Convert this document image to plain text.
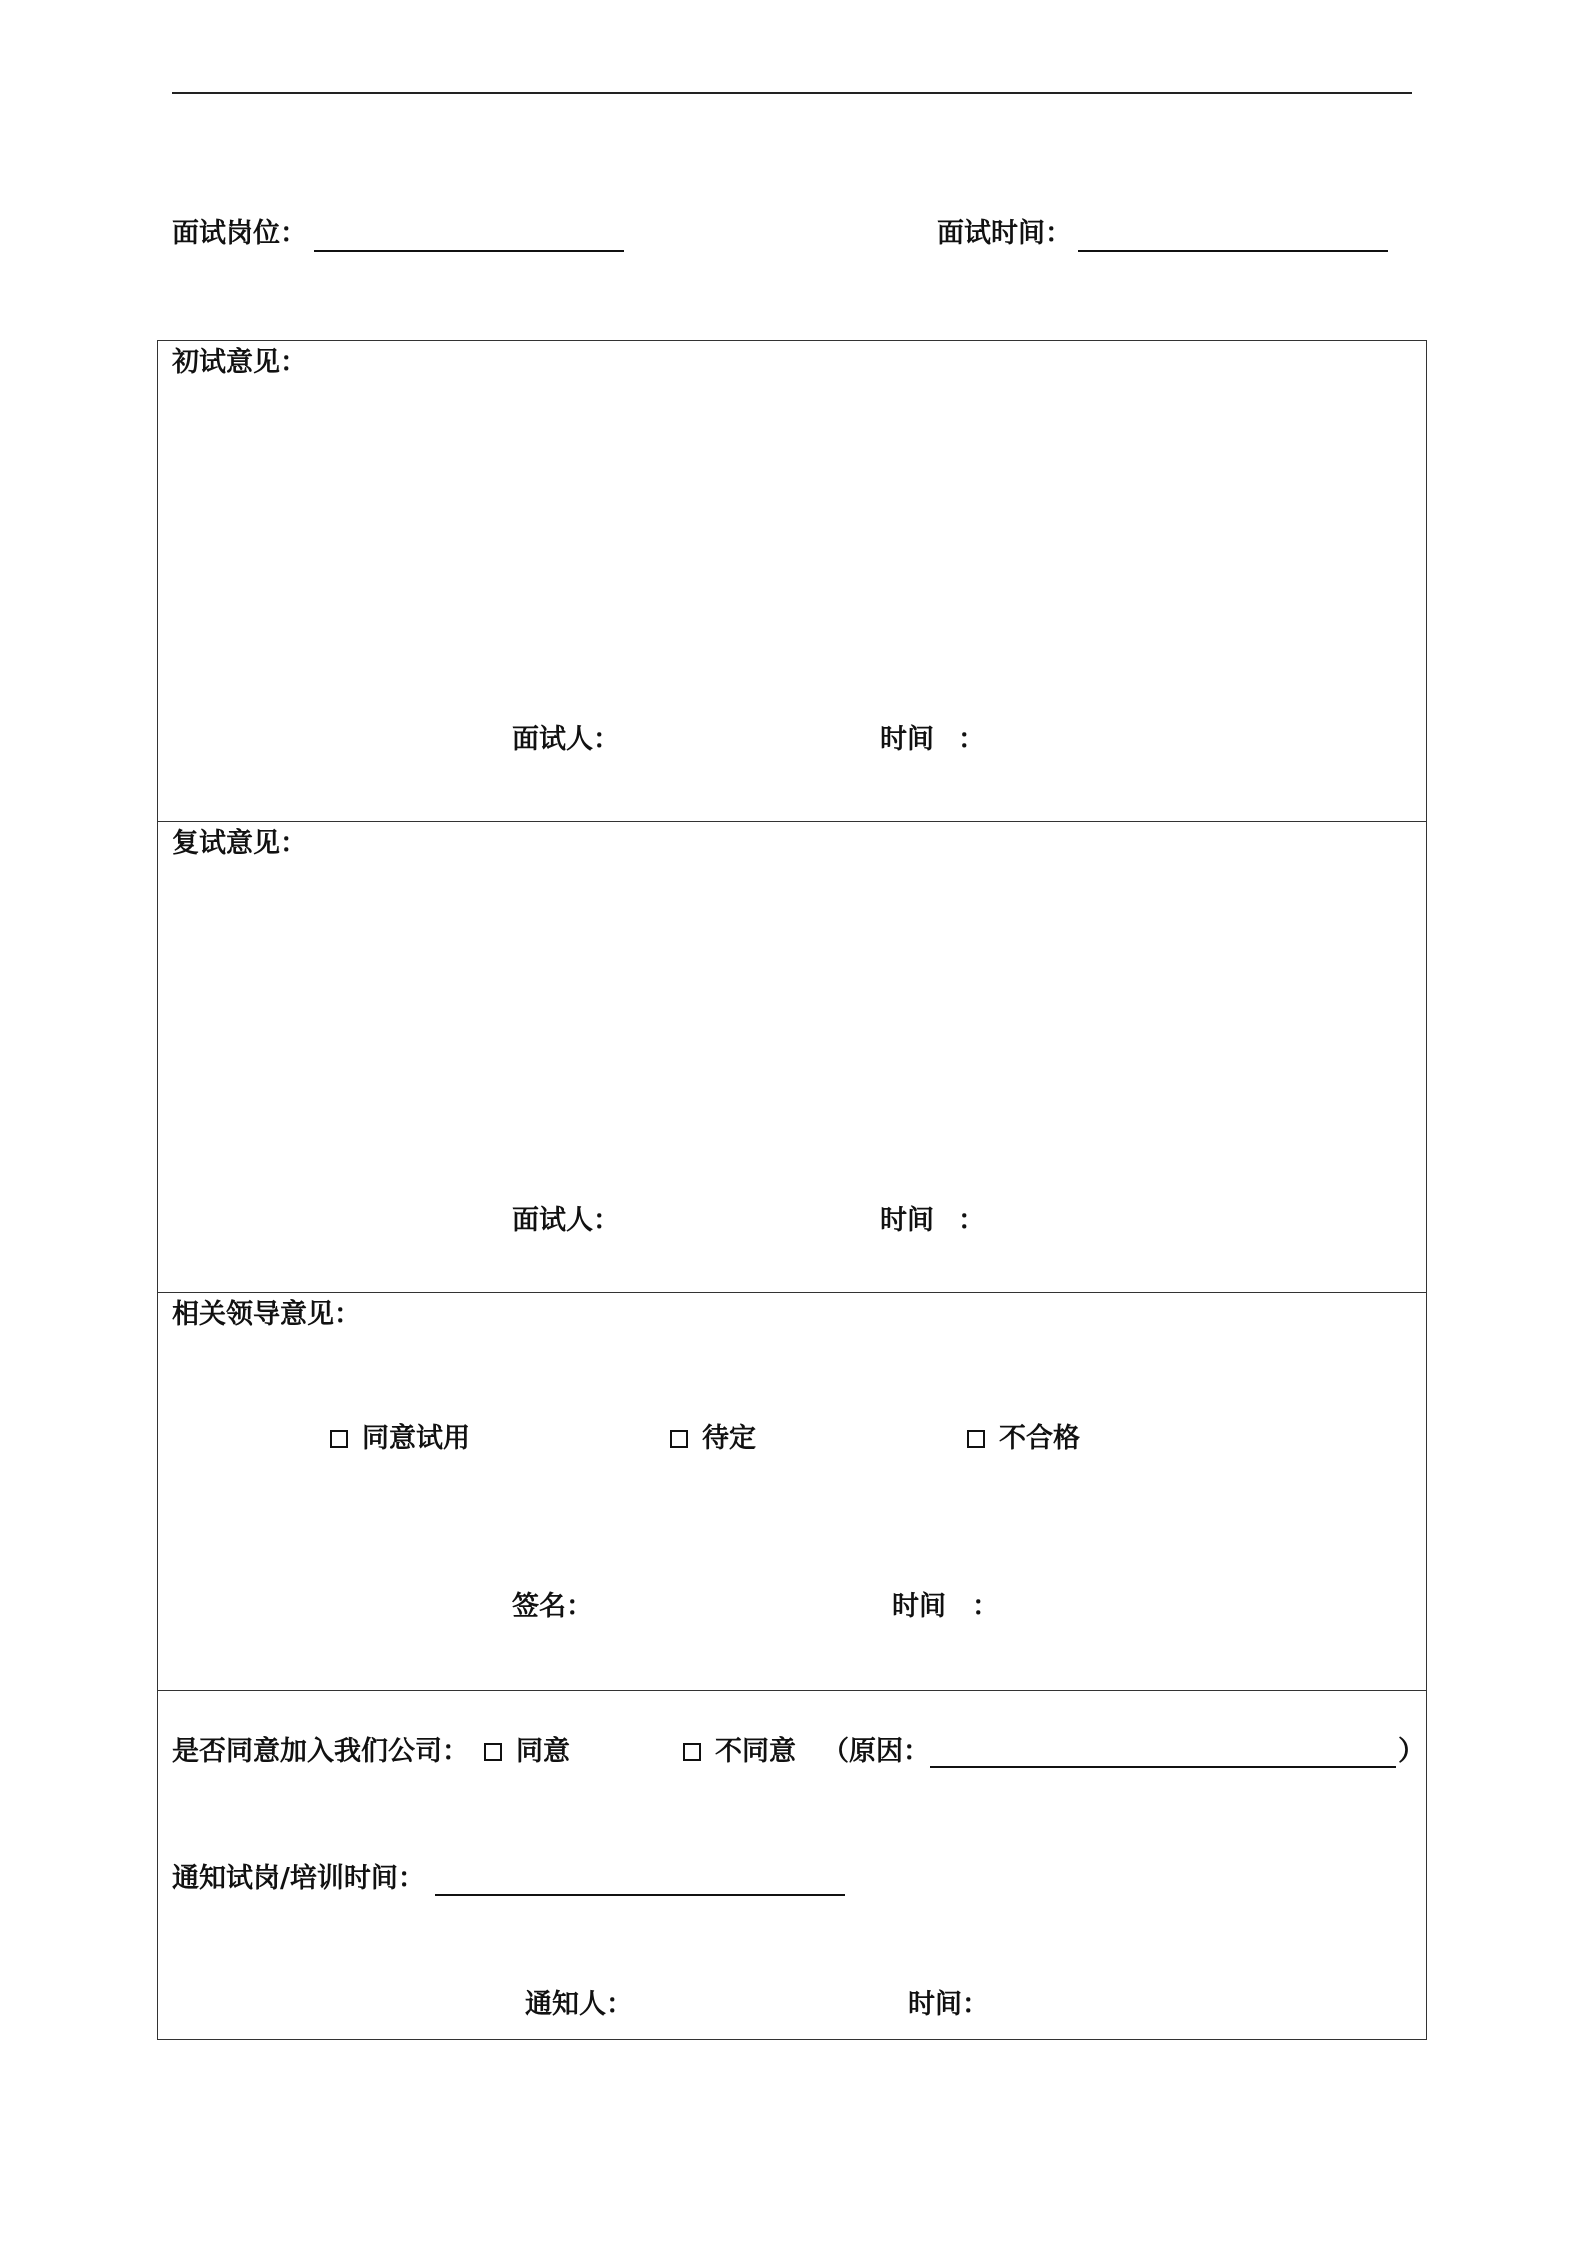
面试岗位：	面试时间：
初试意见：
面试人：	时间 ：
复试意见：
面试人：	时间 ：
相关领导意见：
同意试用	待定	不合格
签名：	时间 ：
是否同意加入我们公司： 同意	不同意 （原因：	）
通知试岗/培训时间：
通知人：	时间：
